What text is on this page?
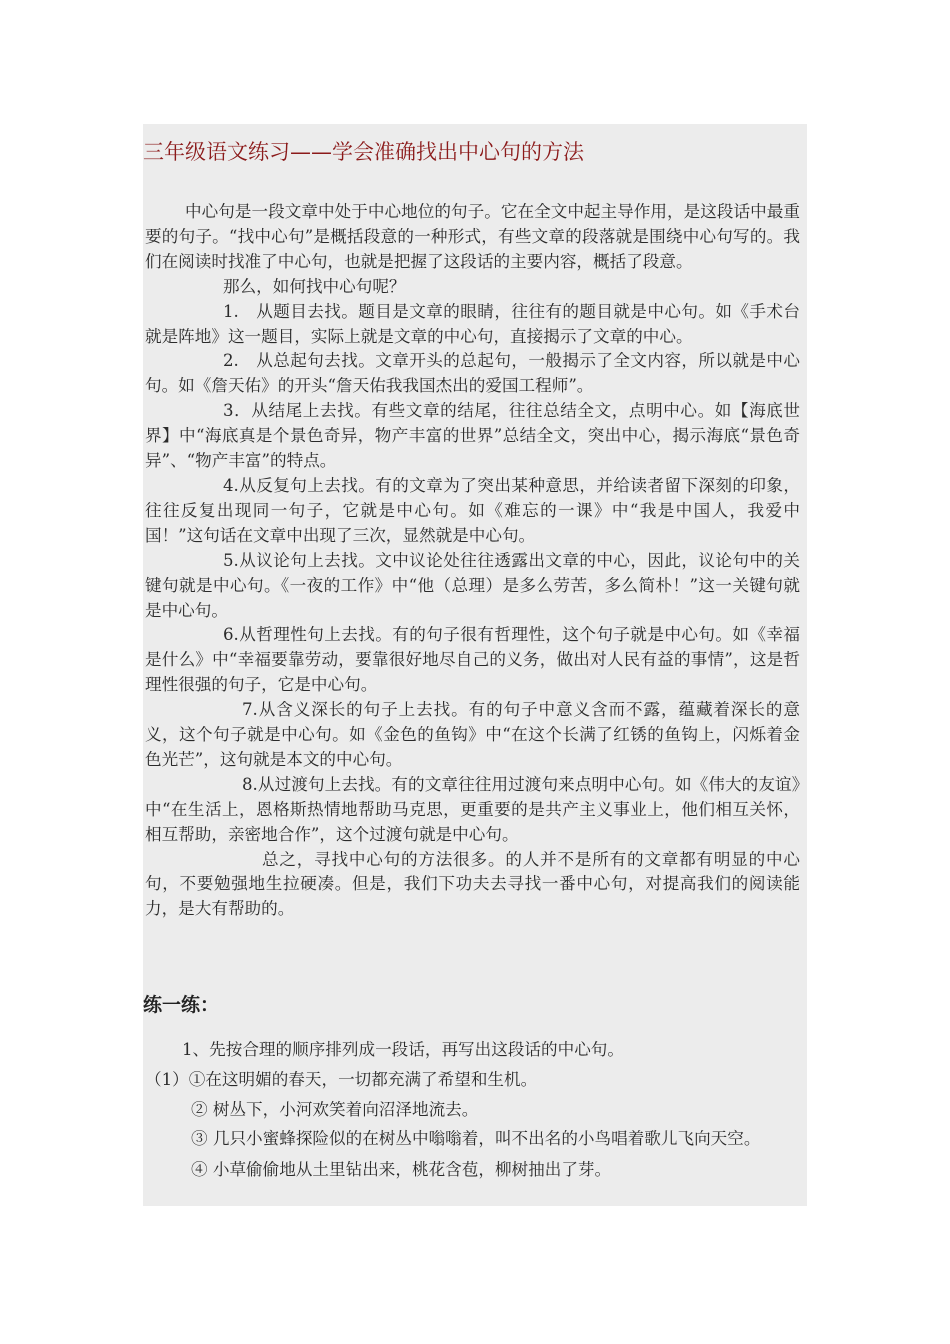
三年级语文练习——学会准确找出中心句的方法

中心句是一段文章中处于中心地位的句子。它在全文中起主导作用，是这段话中最重要的句子。“找中心句”是概括段意的一种形式，有些文章的段落就是围绕中心句写的。我们在阅读时找准了中心句，也就是把握了这段话的主要内容，概括了段意。

那么，如何找中心句呢？

1.　从题目去找。题目是文章的眼睛，往往有的题目就是中心句。如《手术台就是阵地》这一题目，实际上就是文章的中心句，直接揭示了文章的中心。

2.　从总起句去找。文章开头的总起句，一般揭示了全文内容，所以就是中心句。如《詹天佑》的开头“詹天佑我我国杰出的爱国工程师”。

3．从结尾上去找。有些文章的结尾，往往总结全文，点明中心。如【海底世界】中“海底真是个景色奇异，物产丰富的世界”总结全文，突出中心，揭示海底“景色奇异”、“物产丰富”的特点。

4.从反复句上去找。有的文章为了突出某种意思，并给读者留下深刻的印象，往往反复出现同一句子，它就是中心句。如《难忘的一课》中“我是中国人，我爱中国！”这句话在文章中出现了三次，显然就是中心句。

5.从议论句上去找。文中议论处往往透露出文章的中心，因此，议论句中的关键句就是中心句。《一夜的工作》中“他（总理）是多么劳苦，多么简朴！”这一关键句就是中心句。

6.从哲理性句上去找。有的句子很有哲理性，这个句子就是中心句。如《幸福是什么》中“幸福要靠劳动，要靠很好地尽自己的义务，做出对人民有益的事情”，这是哲理性很强的句子，它是中心句。

7.从含义深长的句子上去找。有的句子中意义含而不露，蕴藏着深长的意义，这个句子就是中心句。如《金色的鱼钩》中“在这个长满了红锈的鱼钩上，闪烁着金色光芒”，这句就是本文的中心句。

8.从过渡句上去找。有的文章往往用过渡句来点明中心句。如《伟大的友谊》中“在生活上，恩格斯热情地帮助马克思，更重要的是共产主义事业上，他们相互关怀，相互帮助，亲密地合作”，这个过渡句就是中心句。

总之，寻找中心句的方法很多。的人并不是所有的文章都有明显的中心句，不要勉强地生拉硬凑。但是，我们下功夫去寻找一番中心句，对提高我们的阅读能力，是大有帮助的。

练一练：

1、先按合理的顺序排列成一段话，再写出这段话的中心句。

（1）①在这明媚的春天，一切都充满了希望和生机。

② 树丛下，小河欢笑着向沼泽地流去。

③ 几只小蜜蜂探险似的在树丛中嗡嗡着，叫不出名的小鸟唱着歌儿飞向天空。

④ 小草偷偷地从土里钻出来，桃花含苞，柳树抽出了芽。
